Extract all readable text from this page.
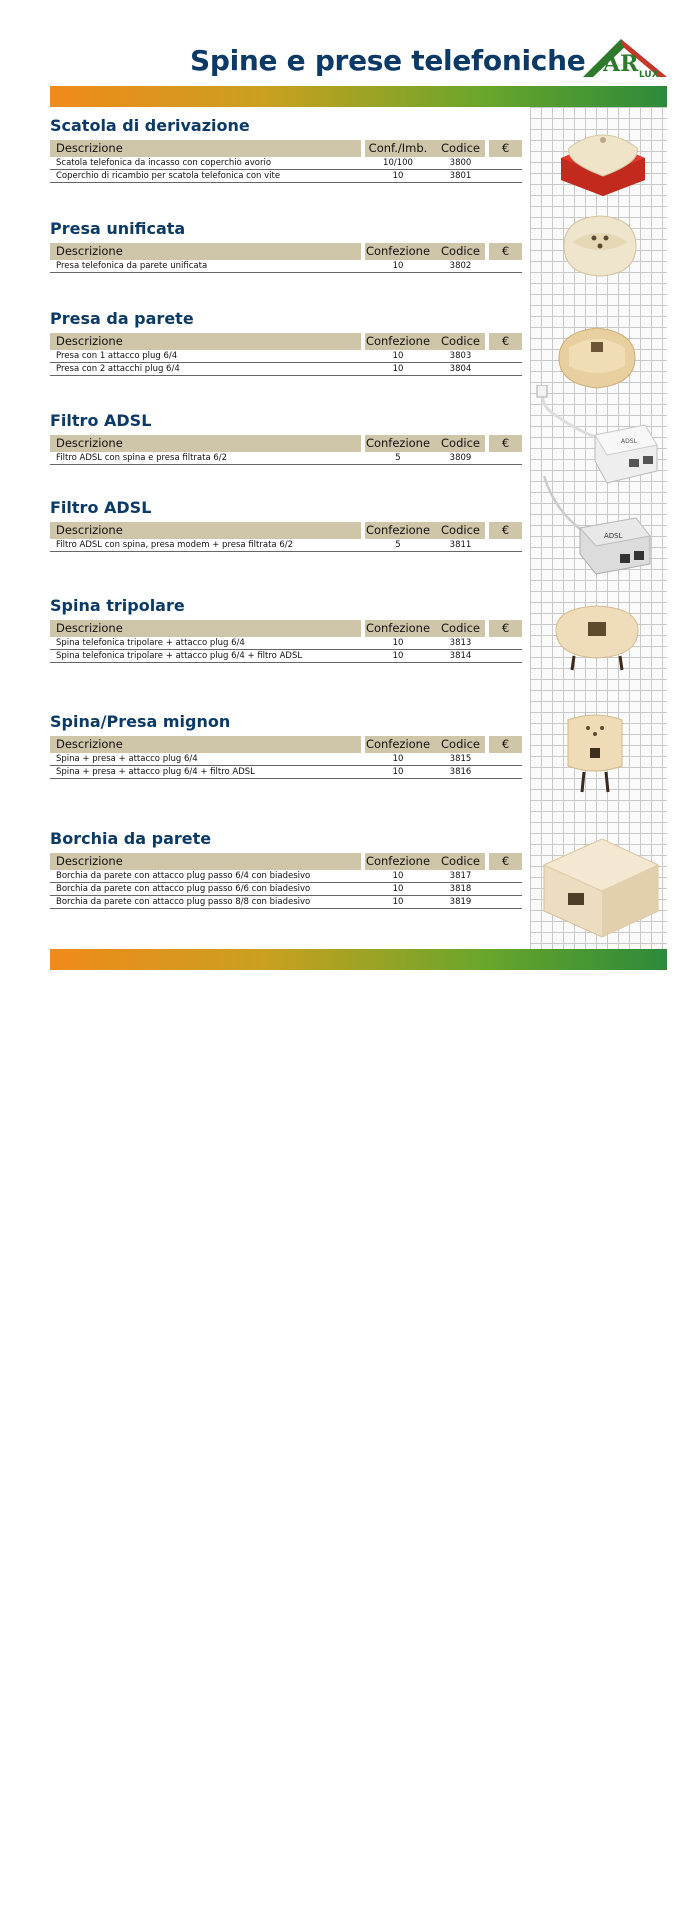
Spine e prese telefoniche AR LUX
Scatola di derivazione
Descrizione	Conf./Imb.	Codice	€
Scatola telefonica da incasso con coperchio avorio	10/100	3800
Coperchio di ricambio per scatola telefonica con vite	10	3801
Presa unificata
Descrizione	Confezione Codice	€
Presa telefonica da parete unificata	10	3802
Presa da parete
Descrizione	Confezione Codice	€
Presa con 1 attacco plug 6/4	10	3803
Presa con 2 attacchi plug 6/4	10	3804
Filtro ADSL
Descrizione	Confezione Codice	€
Filtro ADSL con spina e presa filtrata 6/2	5	3809
Filtro ADSL
Descrizione	Confezione Codice	€
Filtro ADSL con spina, presa modem + presa filtrata 6/2	5	3811
Spina tripolare
Descrizione	Confezione Codice	€
Spina telefonica tripolare + attacco plug 6/4	10	3813
Spina telefonica tripolare + attacco plug 6/4 + filtro ADSL	10	3814
Spina/Presa mignon
Descrizione	Confezione Codice	€
Spina + presa + attacco plug 6/4	10	3815
Spina + presa + attacco plug 6/4 + filtro ADSL	10	3816
Borchia da parete
Descrizione	Confezione Codice	€
Borchia da parete con attacco plug passo 6/4 con biadesivo	10	3817
Borchia da parete con attacco plug passo 6/6 con biadesivo	10	3818
Borchia da parete con attacco plug passo 8/8 con biadesivo	10	3819
ADSL
ADSL
69
